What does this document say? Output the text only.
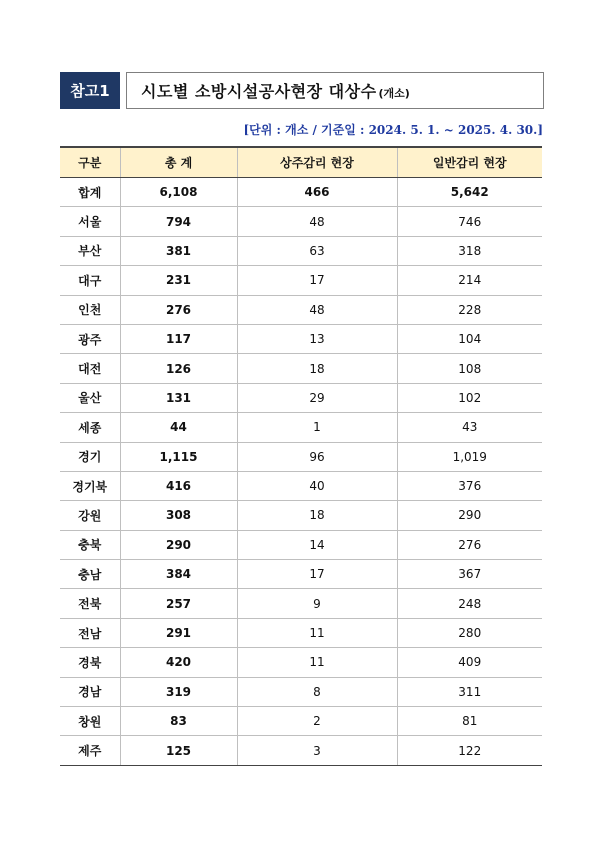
참고1	시도별 소방시설공사현장 대상수 (개소)
[단위 : 개소 / 기준일 : 2024. 5. 1. ~ 2025. 4. 30.]
구분	총 계	상주감리 현장	일반감리 현장
합계	6,108	466	5,642
서울	794	48	746
부산	381	63	318
대구	231	17	214
인천	276	48	228
광주	117	13	104
대전	126	18	108
울산	131	29	102
세종	44	1	43
경기	1,115	96	1,019
경기북	416	40	376
강원	308	18	290
충북	290	14	276
충남	384	17	367
전북	257	9	248
전남	291	11	280
경북	420	11	409
경남	319	8	311
창원	83	2	81
제주	125	3	122
